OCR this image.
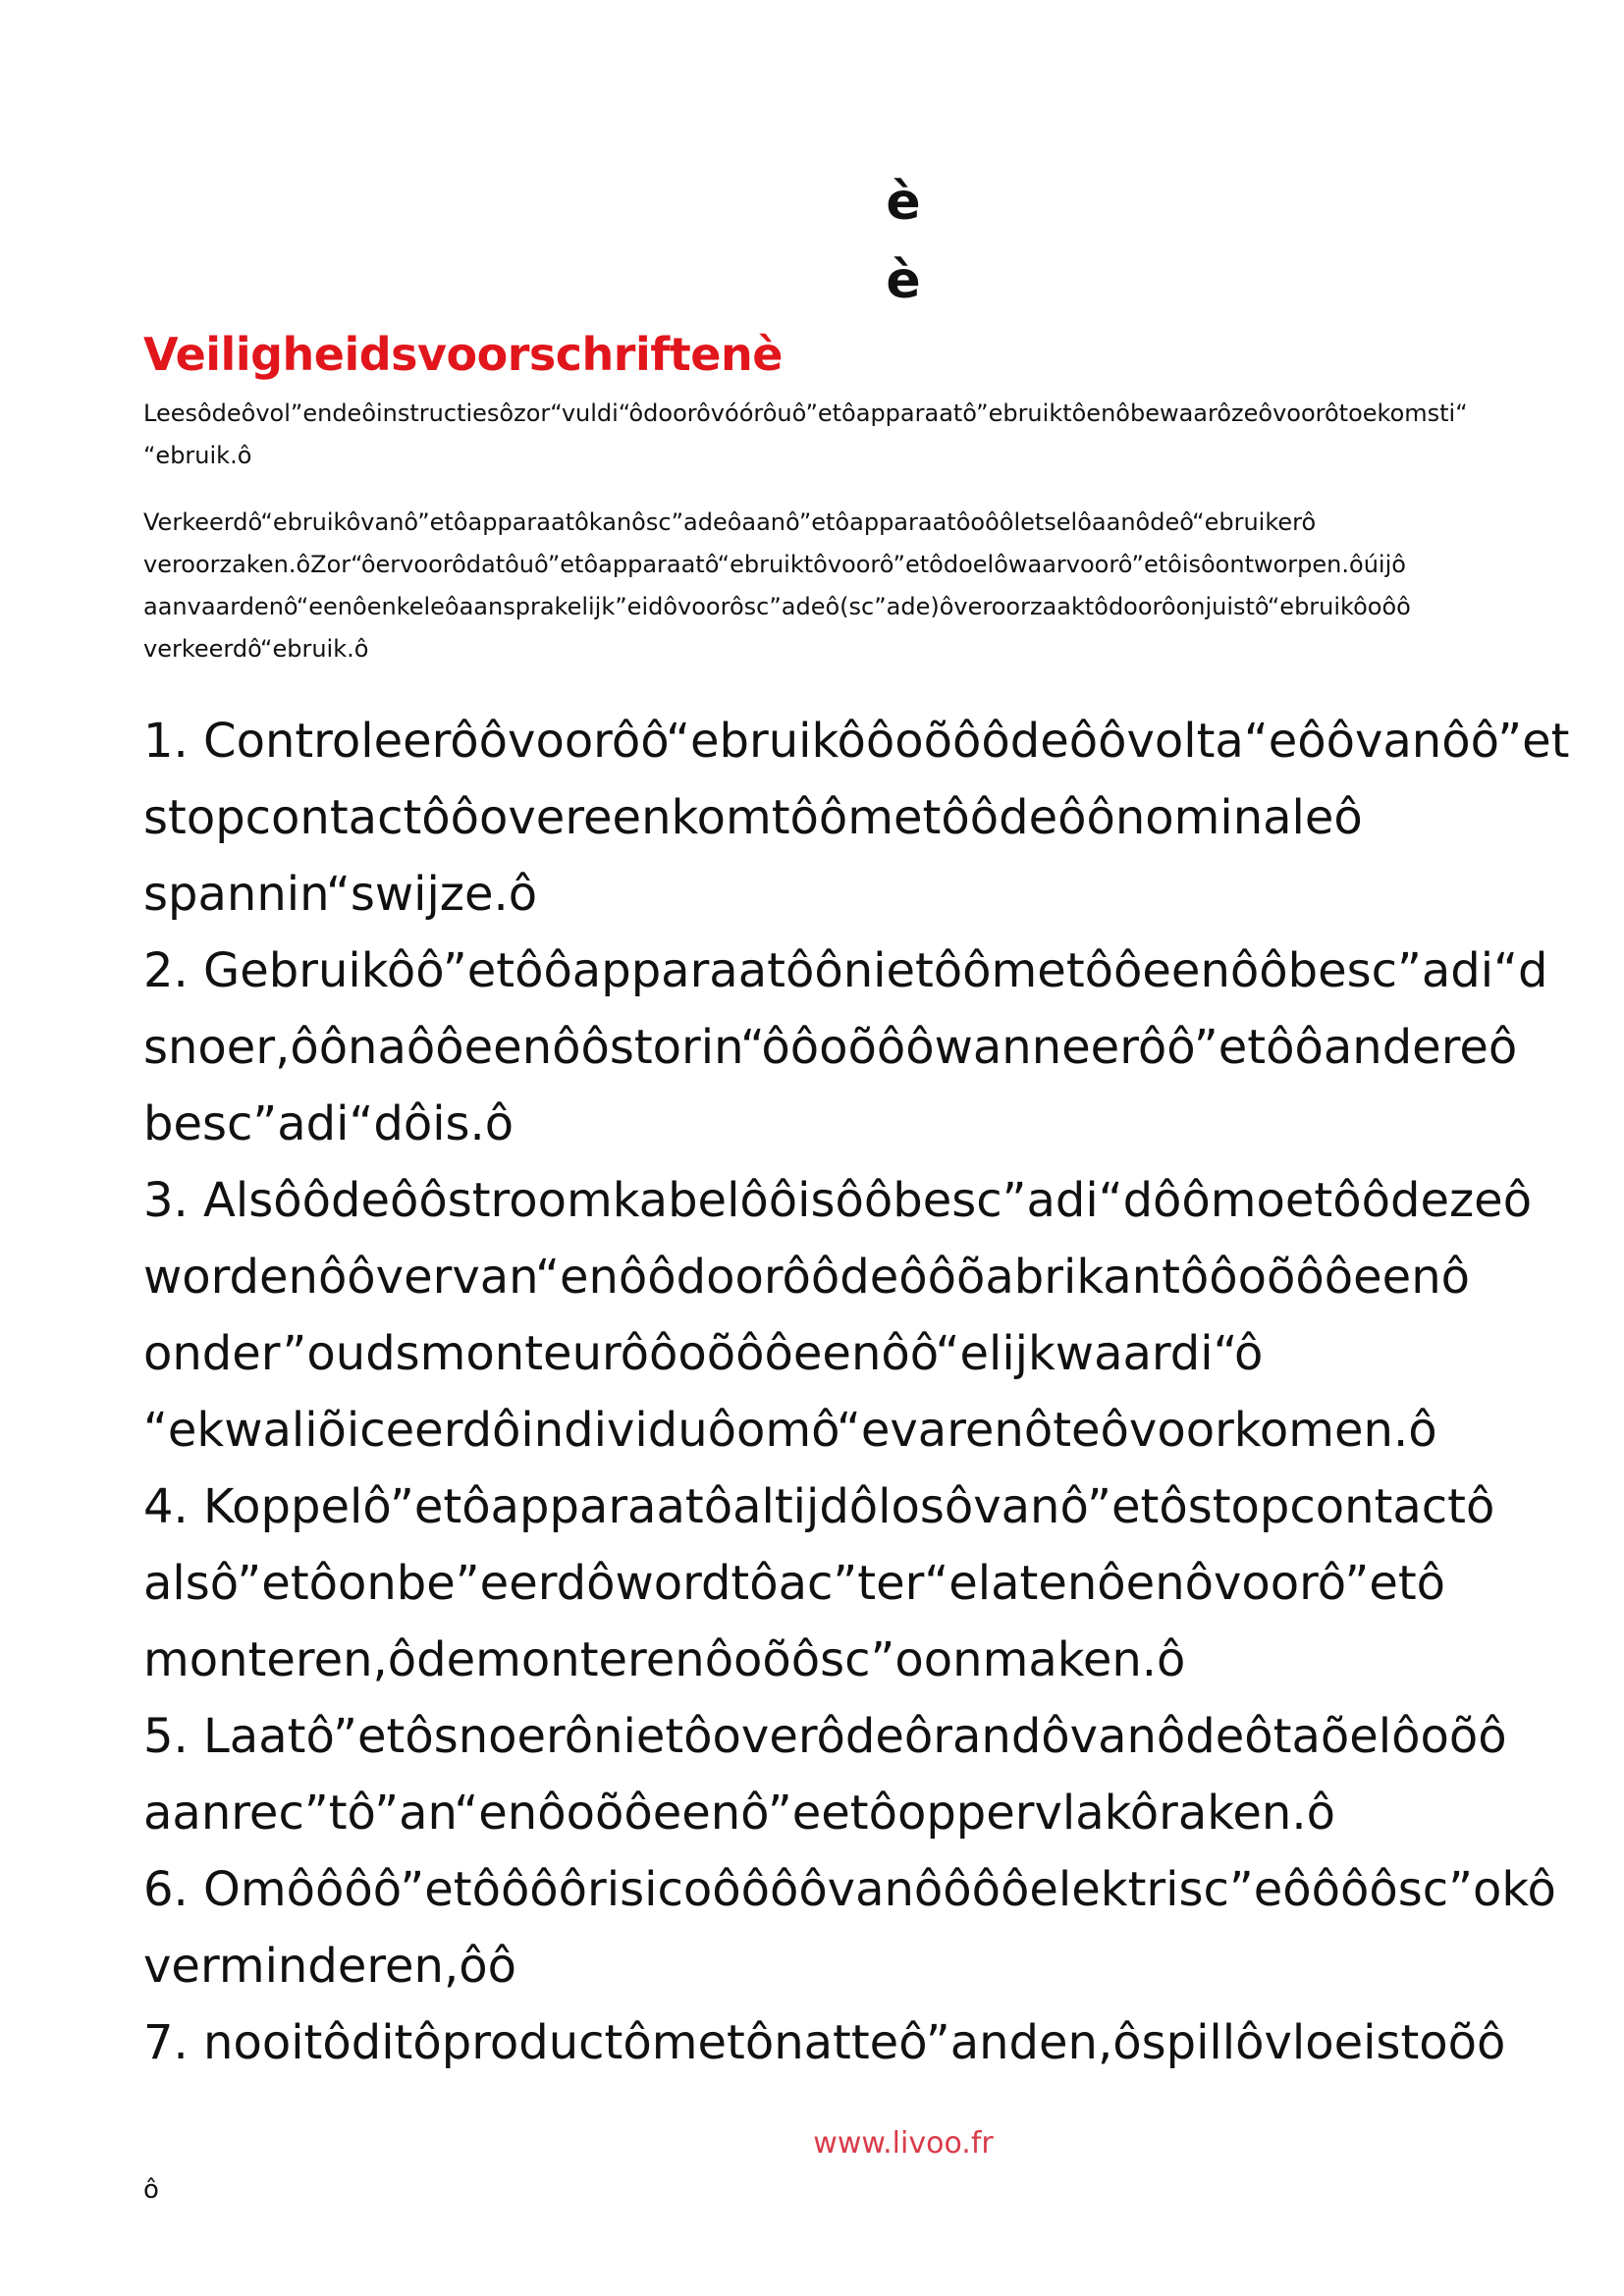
è
è
Veiligheidsvoorschriftenè

Leesôdeôvol”endeôinstructiesôzor“vuldi“ôdoorôvóórôuô”etôapparaatô”ebruiktôenôbewaarôzeôvoorôtoekomsti“
“ebruik.ô

Verkeerdô“ebruikôvanô”etôapparaatôkanôsc”adeôaanô”etôapparaatôoôôletselôaanôdeô“ebruikerô
veroorzaken.ôZor“ôervoorôdatôuô”etôapparaatô“ebruiktôvoorô”etôdoelôwaarvoorô”etôisôontworpen.ôúijô
aanvaardenô“eenôenkeleôaansprakelijk”eidôvoorôsc”adeô(sc”ade)ôveroorzaaktôdoorôonjuistô“ebruikôoôô
verkeerdô“ebruik.ô

1. Controleerôôvoorôô“ebruikôôoõôôdeôôvolta“eôôvanôô”et
stopcontactôôovereenkomtôômetôôdeôônominaleô
spannin“swijze.ô
2. Gebruikôô”etôôapparaatôônietôômetôôeenôôbesc”adi“d
snoer,ôônaôôeenôôstorin“ôôoõôôwanneerôô”etôôandereô
besc”adi“dôis.ô
3. Alsôôdeôôstroomkabelôôisôôbesc”adi“dôômoetôôdezeô
wordenôôvervan“enôôdoorôôdeôôõabrikantôôoõôôeenô
onder”oudsmonteurôôoõôôeenôô“elijkwaardi“ô
“ekwaliõiceerdôindividuôomô“evarenôteôvoorkomen.ô
4. Koppelô”etôapparaatôaltijdôlosôvanô”etôstopcontactô
alsô”etôonbe”eerdôwordtôac”ter“elatenôenôvoorô”etô
monteren,ôdemonterenôoõôsc”oonmaken.ô
5. Laatô”etôsnoerônietôoverôdeôrandôvanôdeôtaõelôoõô
aanrec”tô”an“enôoõôeenô”eetôoppervlakôraken.ô
6. Omôôôô”etôôôôrisicoôôôôvanôôôôelektrisc”eôôôôsc”okô
verminderen,ôô
7. nooitôditôproductômetônatteô”anden,ôspillôvloeistoõô
www.livoo.fr
ô
